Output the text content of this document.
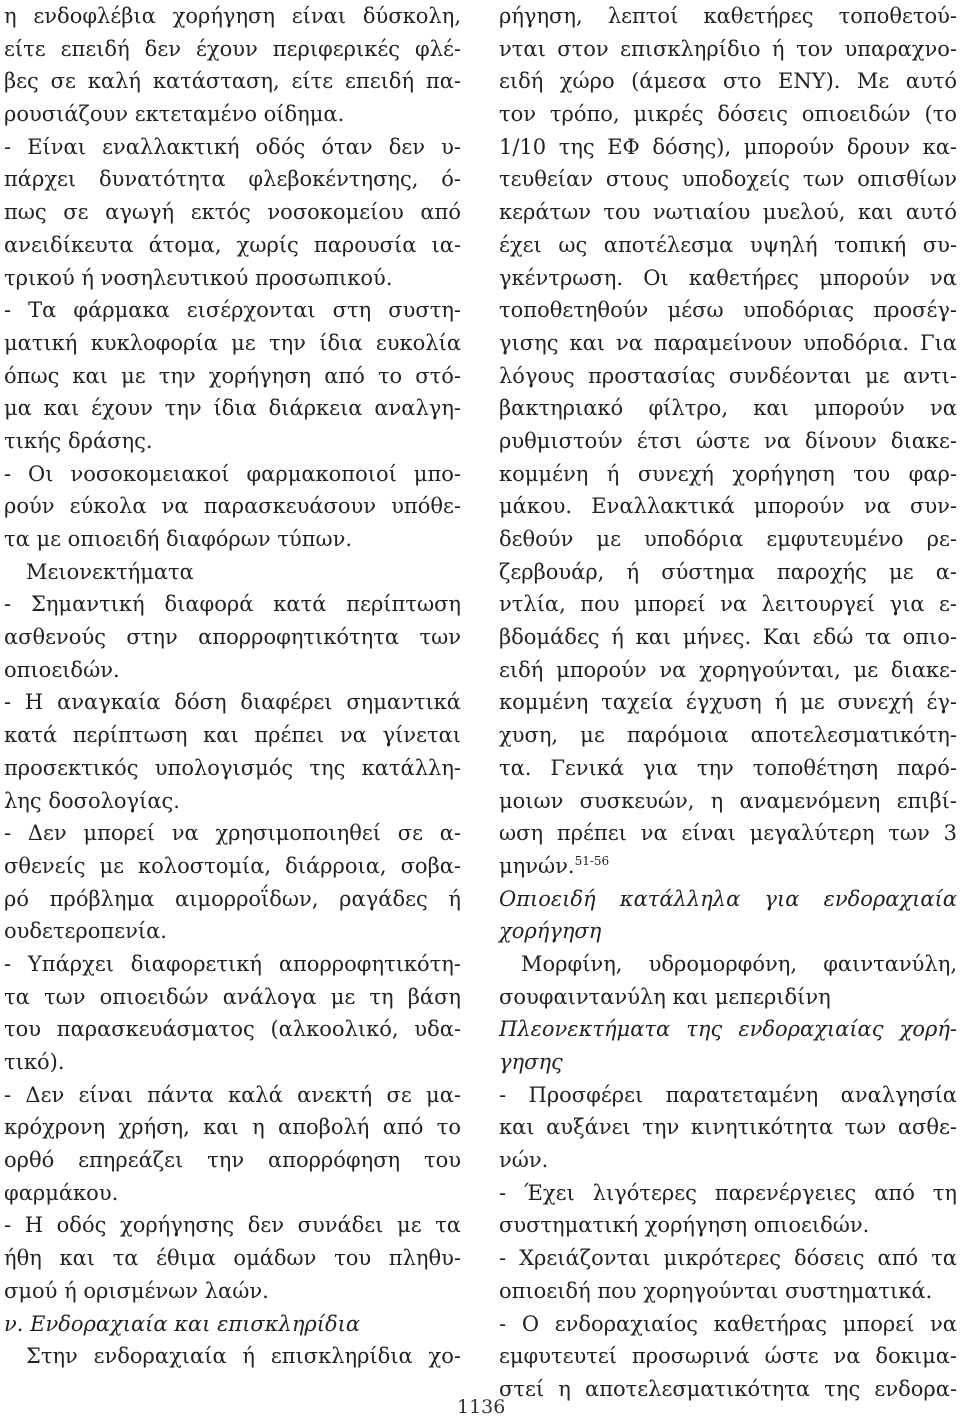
η ενδοφλέβια χορήγηση είναι δύσκολη,
είτε επειδή δεν έχουν περιφερικές φλέ-
βες σε καλή κατάσταση, είτε επειδή πα-
ρουσιάζουν εκτεταμένο οίδημα.
- Είναι εναλλακτική οδός όταν δεν υ-
πάρχει δυνατότητα φλεβοκέντησης, ό-
πως σε αγωγή εκτός νοσοκομείου από
ανειδίκευτα άτομα, χωρίς παρουσία ια-
τρικού ή νοσηλευτικού προσωπικού.
- Τα φάρμακα εισέρχονται στη συστη-
ματική κυκλοφορία με την ίδια ευκολία
όπως και με την χορήγηση από το στό-
μα και έχουν την ίδια διάρκεια αναλγη-
τικής δράσης.
- Οι νοσοκομειακοί φαρμακοποιοί μπο-
ρούν εύκολα να παρασκευάσουν υπόθε-
τα με οπιοειδή διαφόρων τύπων.
Μειονεκτήματα
- Σημαντική διαφορά κατά περίπτωση
ασθενούς στην απορροφητικότητα των
οπιοειδών.
- Η αναγκαία δόση διαφέρει σημαντικά
κατά περίπτωση και πρέπει να γίνεται
προσεκτικός υπολογισμός της κατάλλη-
λης δοσολογίας.
- Δεν μπορεί να χρησιμοποιηθεί σε α-
σθενείς με κολοστομία, διάρροια, σοβα-
ρό πρόβλημα αιμορροΐδων, ραγάδες ή
ουδετεροπενία.
- Υπάρχει διαφορετική απορροφητικότη-
τα των οπιοειδών ανάλογα με τη βάση
του παρασκευάσματος (αλκοολικό, υδα-
τικό).
- Δεν είναι πάντα καλά ανεκτή σε μα-
κρόχρονη χρήση, και η αποβολή από το
ορθό επηρεάζει την απορρόφηση του
φαρμάκου.
- Η οδός χορήγησης δεν συνάδει με τα
ήθη και τα έθιμα ομάδων του πληθυ-
σμού ή ορισμένων λαών.
ν. Ενδοραχιαία και επισκληρίδια
Στην ενδοραχιαία ή επισκληρίδια χο-
ρήγηση, λεπτοί καθετήρες τοποθετού-
νται στον επισκληρίδιο ή τον υπαραχνο-
ειδή χώρο (άμεσα στο ΕΝΥ). Με αυτό
τον τρόπο, μικρές δόσεις οπιοειδών (το
1/10 της ΕΦ δόσης), μπορούν δρουν κα-
τευθείαν στους υποδοχείς των οπισθίων
κεράτων του νωτιαίου μυελού, και αυτό
έχει ως αποτέλεσμα υψηλή τοπική συ-
γκέντρωση. Οι καθετήρες μπορούν να
τοποθετηθούν μέσω υποδόριας προσέγ-
γισης και να παραμείνουν υποδόρια. Για
λόγους προστασίας συνδέονται με αντι-
βακτηριακό φίλτρο, και μπορούν να
ρυθμιστούν έτσι ώστε να δίνουν διακε-
κομμένη ή συνεχή χορήγηση του φαρ-
μάκου. Εναλλακτικά μπορούν να συν-
δεθούν με υποδόρια εμφυτευμένο ρε-
ζερβουάρ, ή σύστημα παροχής με α-
ντλία, που μπορεί να λειτουργεί για ε-
βδομάδες ή και μήνες. Και εδώ τα οπιο-
ειδή μπορούν να χορηγούνται, με διακε-
κομμένη ταχεία έγχυση ή με συνεχή έγ-
χυση, με παρόμοια αποτελεσματικότη-
τα. Γενικά για την τοποθέτηση παρό-
μοιων συσκευών, η αναμενόμενη επιβί-
ωση πρέπει να είναι μεγαλύτερη των 3
μηνών.$^{51-56}$
Οπιοειδή κατάλληλα για ενδοραχιαία
χορήγηση
Μορφίνη, υδρομορφόνη, φαιντανύλη,
σουφαιντανύλη και μεπεριδίνη
Πλεονεκτήματα της ενδοραχιαίας χορή-
γησης
- Προσφέρει παρατεταμένη αναλγησία
και αυξάνει την κινητικότητα των ασθε-
νών.
- Έχει λιγότερες παρενέργειες από τη
συστηματική χορήγηση οπιοειδών.
- Χρειάζονται μικρότερες δόσεις από τα
οπιοειδή που χορηγούνται συστηματικά.
- Ο ενδοραχιαίος καθετήρας μπορεί να
εμφυτευτεί προσωρινά ώστε να δοκιμα-
στεί η αποτελεσματικότητα της ενδορα-
1136
